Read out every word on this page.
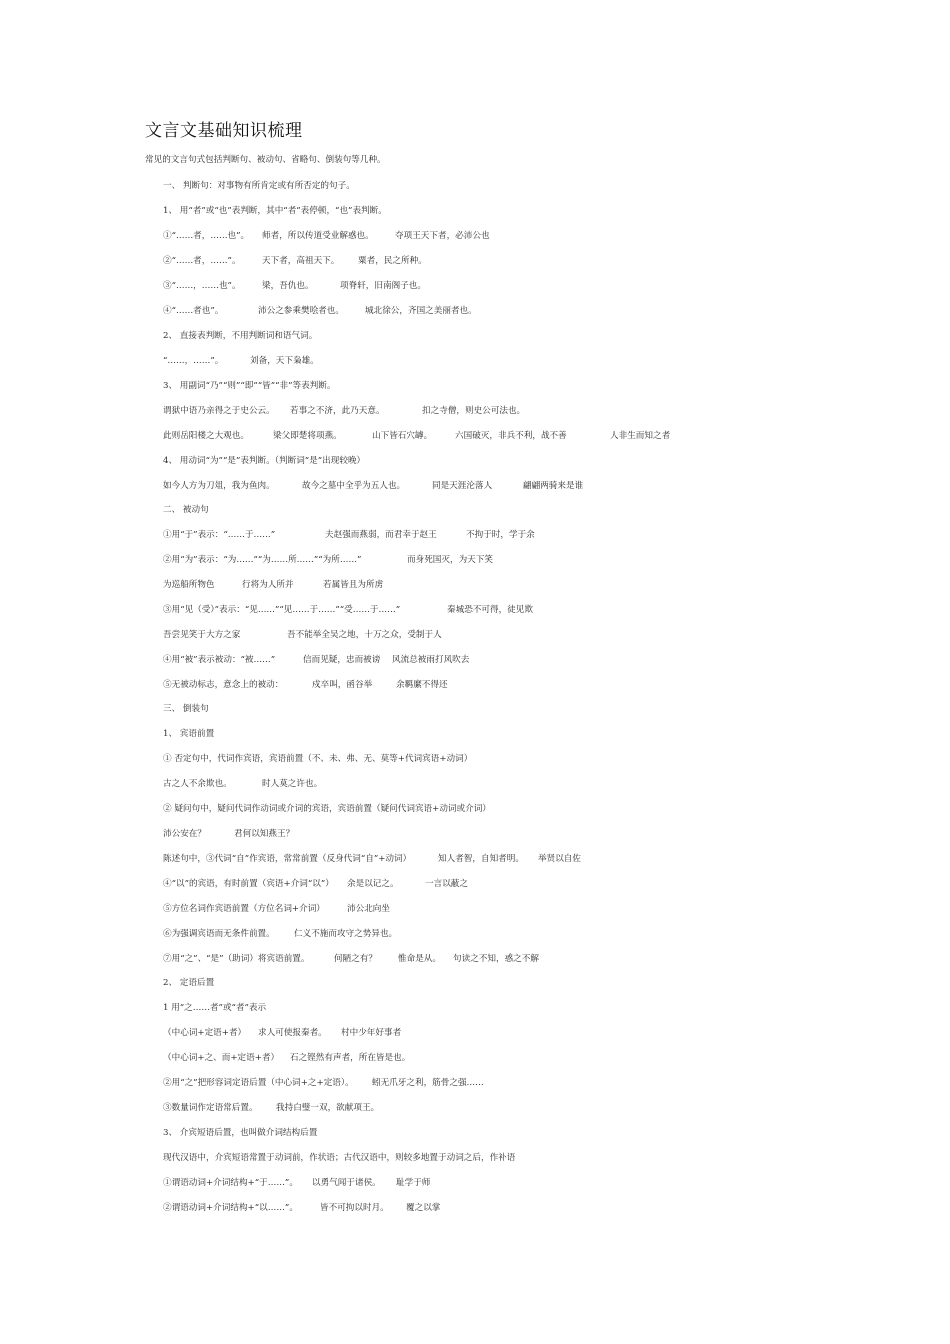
文言文基础知识梳理
常见的文言句式包括判断句、被动句、省略句、倒装句等几种。
一、 判断句：对事物有所肯定或有所否定的句子。
1、 用“者”或“也”表判断，其中“者”表停顿，“也”表判断。
①“……者，……也”。 师者，所以传道受业解惑也。 夺项王天下者，必沛公也
②“……者，……”。 天下者，高祖天下。 粟者，民之所种。
③“……，……也”。 梁，吾仇也。	项脊轩，旧南阁子也。
④“……者也”。	沛公之参乘樊哙者也。 城北徐公，齐国之美丽者也。
2、 直接表判断，不用判断词和语气词。
“……，……”。	刘备，天下枭雄。
3、 用副词“乃”“则”“即”“皆”“非”等表判断。
谓狱中语乃亲得之于史公云。 若事之不济，此乃天意。	扣之寺僧，则史公可法也。
此则岳阳楼之大观也。	梁父即楚将项燕。	山下皆石穴罅。	六国破灭，非兵不利，战不善	人非生而知之者
4、 用动词“为”“是”表判断。（判断词“是”出现较晚）
如今人方为刀俎，我为鱼肉。	故今之墓中全乎为五人也。	同是天涯沦落人	翩翩两骑来是谁
二、 被动句
①用“于”表示：“……于……”	夫赵强而燕弱，而君幸于赵王	不拘于时，学于余
②用“为”表示：“为……”“为……所……”“为所……”	而身死国灭，为天下笑
为巡船所物色	行将为人所并	若属皆且为所虏
③用“见（受）”表示：“见……”“见……于……”“受……于……”	秦城恐不可得，徒见欺
吾尝见笑于大方之家	吾不能举全吴之地，十万之众，受制于人
④用“被”表示被动：“被……”	信而见疑，忠而被谤 风流总被雨打风吹去
⑤无被动标志，意念上的被动：	戍卒叫，函谷举	余羁縻不得还
三、 倒装句
1、 宾语前置
① 否定句中，代词作宾语，宾语前置（不、未、弗、无、莫等+代词宾语+动词）
古之人不余欺也。	时人莫之许也。
② 疑问句中，疑问代词作动词或介词的宾语，宾语前置（疑问代词宾语+动词或介词）
沛公安在？	君何以知燕王？
陈述句中，③代词“自”作宾语，常常前置（反身代词“自”+动词）	知人者智，自知者明。 举贤以自佐
④“以”的宾语，有时前置（宾语+介词“以”） 余是以记之。	一言以蔽之
⑤方位名词作宾语前置（方位名词+介词）	沛公北向坐
⑥为强调宾语而无条件前置。 仁义不施而攻守之势异也。
⑦用“之”、“是”（助词）将宾语前置。	何陋之有？ 惟命是从。 句读之不知，惑之不解
2、 定语后置
1 用“之……者”或“者”表示
（中心词+定语+者） 求人可使报秦者。 村中少年好事者
（中心词+之、而+定语+者） 石之铿然有声者，所在皆是也。
②用“之”把形容词定语后置（中心词+之+定语）。 蚓无爪牙之利，筋骨之强……
③数量词作定语常后置。 我持白璧一双，欲献项王。
3、 介宾短语后置，也叫做介词结构后置
现代汉语中，介宾短语常置于动词前，作状语；古代汉语中，则较多地置于动词之后，作补语
①谓语动词+介词结构+“于……”。 以勇气闻于诸侯。 耻学于师
②谓语动词+介词结构+“以……”。	皆不可拘以时月。 覆之以掌
